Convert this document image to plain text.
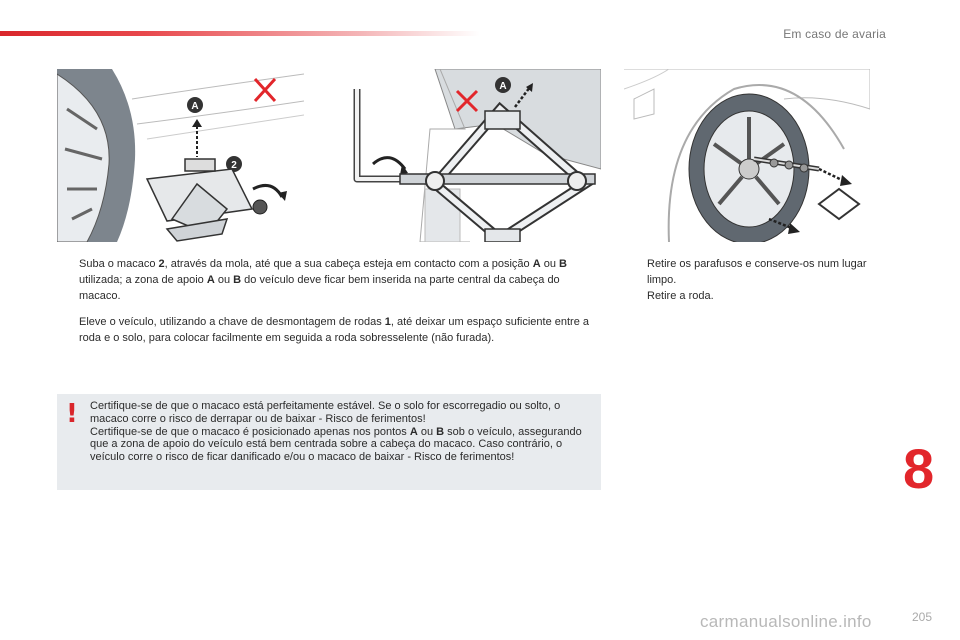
Em caso de avaria
A
2
A
Suba o macaco 2, através da mola, até que a sua cabeça esteja em contacto com a posição A ou B utilizada; a zona de apoio A ou B do veículo deve ficar bem inserida na parte central da cabeça do macaco.
Eleve o veículo, utilizando a chave de desmontagem de rodas 1, até deixar um espaço suficiente entre a roda e o solo, para colocar facilmente em seguida a roda sobresselente (não furada).
! Certifique-se de que o macaco está perfeitamente estável. Se o solo for escorregadio ou solto, o macaco corre o risco de derrapar ou de baixar - Risco de ferimentos!
Certifique-se de que o macaco é posicionado apenas nos pontos A ou B sob o veículo, assegurando que a zona de apoio do veículo está bem centrada sobre a cabeça do macaco. Caso contrário, o veículo corre o risco de ficar danificado e/ou o macaco de baixar - Risco de ferimentos!
Retire os parafusos e conserve-os num lugar limpo.
Retire a roda.
8
carmanualsonline.info	205
